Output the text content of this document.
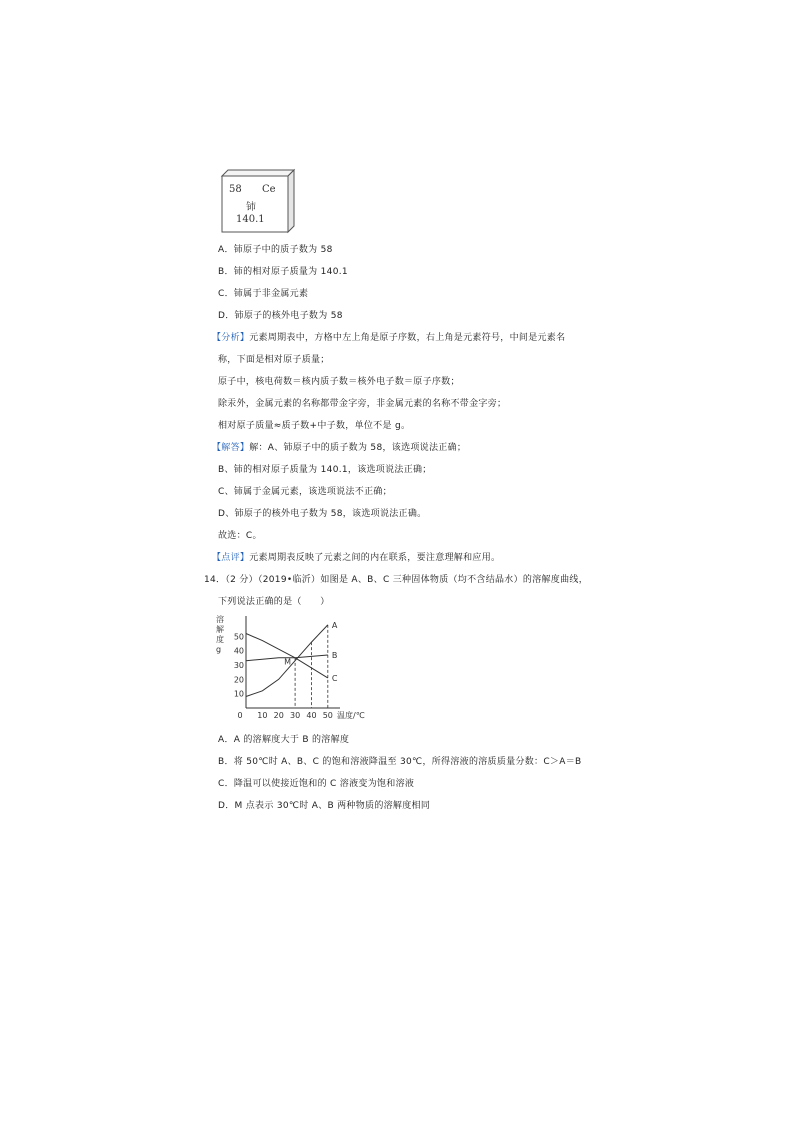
58 Ce
铈
140.1
A．铈原子中的质子数为 58
B．铈的相对原子质量为 140.1
C．铈属于非金属元素
D．铈原子的核外电子数为 58
【分析】元素周期表中，方格中左上角是原子序数，右上角是元素符号，中间是元素名
称，下面是相对原子质量；
原子中，核电荷数＝核内质子数＝核外电子数＝原子序数；
除汞外，金属元素的名称都带金字旁，非金属元素的名称不带金字旁；
相对原子质量≈质子数+中子数，单位不是 g。
【解答】解：A、铈原子中的质子数为 58，该选项说法正确；
B、铈的相对原子质量为 140.1，该选项说法正确；
C、铈属于金属元素，该选项说法不正确；
D、铈原子的核外电子数为 58，该选项说法正确。
故选：C。
【点评】元素周期表反映了元素之间的内在联系，要注意理解和应用。
14．（2 分）（2019•临沂）如图是 A、B、C 三种固体物质（均不含结晶水）的溶解度曲线，
下列说法正确的是（　　）
溶
解
度
g
10
20
30
40
50
0 10 20 30 40 50 温度/℃
A
B
C
M
A．A 的溶解度大于 B 的溶解度
B．将 50℃时 A、B、C 的饱和溶液降温至 30℃，所得溶液的溶质质量分数：C＞A＝B
C．降温可以使接近饱和的 C 溶液变为饱和溶液
D．M 点表示 30℃时 A、B 两种物质的溶解度相同
